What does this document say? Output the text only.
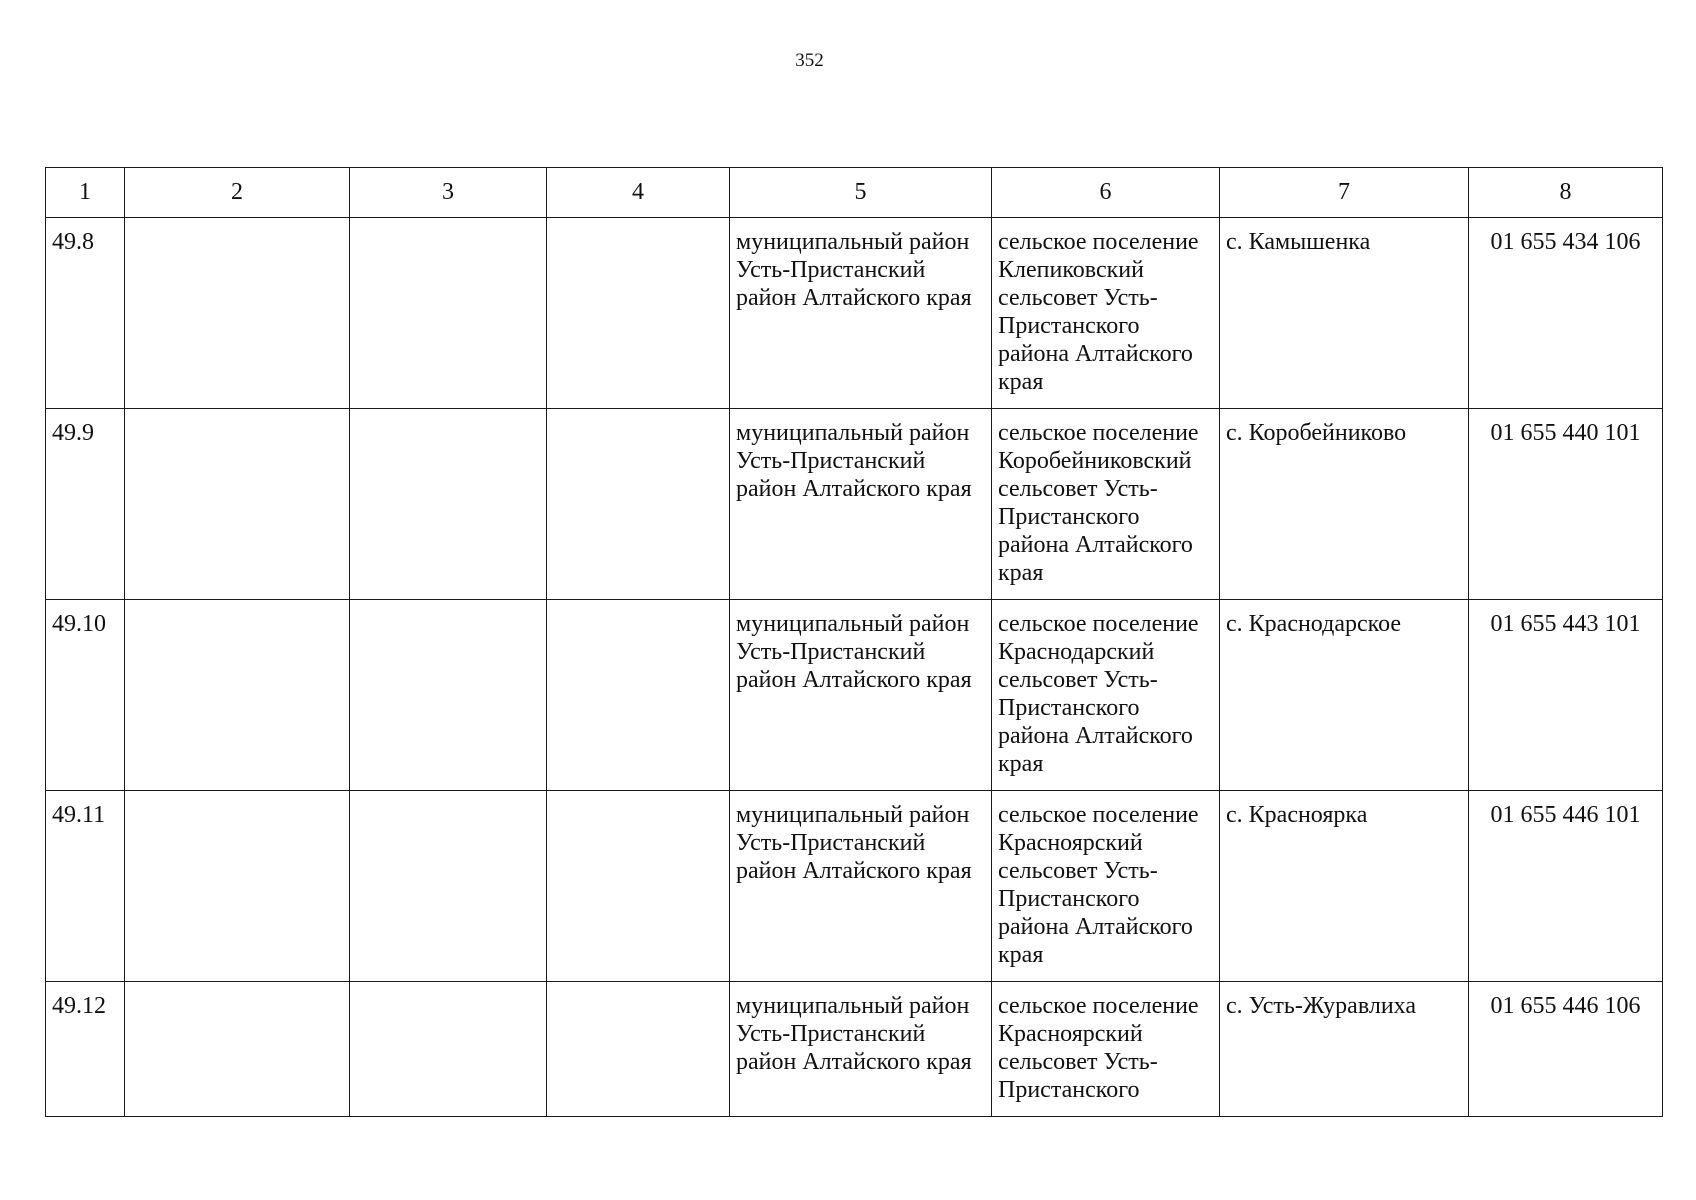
352
1	2	3	4	5	6	7	8
49.8				муниципальный район Усть-Пристанский район Алтайского края	сельское поселение Клепиковский сельсовет Усть-Пристанского района Алтайского края	с. Камышенка	01 655 434 106
49.9				муниципальный район Усть-Пристанский район Алтайского края	сельское поселение Коробейниковский сельсовет Усть-Пристанского района Алтайского края	с. Коробейниково	01 655 440 101
49.10				муниципальный район Усть-Пристанский район Алтайского края	сельское поселение Краснодарский сельсовет Усть-Пристанского района Алтайского края	с. Краснодарское	01 655 443 101
49.11				муниципальный район Усть-Пристанский район Алтайского края	сельское поселение Красноярский сельсовет Усть-Пристанского района Алтайского края	с. Красноярка	01 655 446 101
49.12				муниципальный район Усть-Пристанский район Алтайского края	сельское поселение Красноярский сельсовет Усть-Пристанского	с. Усть-Журавлиха	01 655 446 106
